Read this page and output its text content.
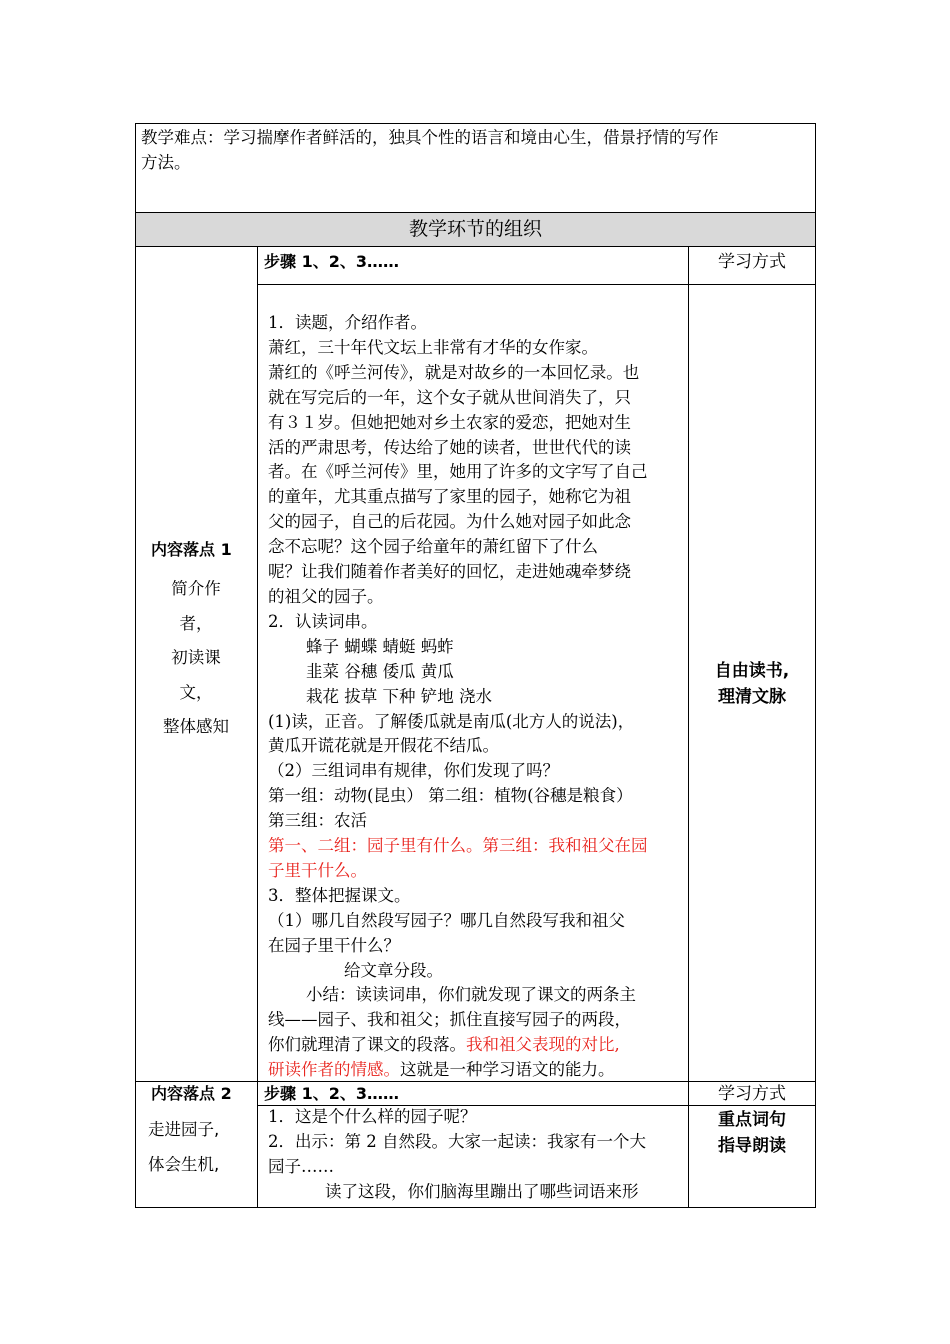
教学难点：学习揣摩作者鲜活的，独具个性的语言和境由心生，借景抒情的写作
方法。
教学环节的组织
步骤 1、2、3……	学习方式
内容落点 1
简介作
者，
初读课
文，
整体感知
自由读书,
理清文脉
1．读题，介绍作者。
萧红，三十年代文坛上非常有才华的女作家。
萧红的《呼兰河传》，就是对故乡的一本回忆录。也
就在写完后的一年，这个女子就从世间消失了，只
有３１岁。但她把她对乡土农家的爱恋，把她对生
活的严肃思考，传达给了她的读者，世世代代的读
者。在《呼兰河传》里，她用了许多的文字写了自己
的童年，尤其重点描写了家里的园子，她称它为祖
父的园子，自己的后花园。为什么她对园子如此念
念不忘呢？这个园子给童年的萧红留下了什么
呢？让我们随着作者美好的回忆，走进她魂牵梦绕
的祖父的园子。
2．认读词串。
蜂子 蝴蝶 蜻蜓 蚂蚱
韭菜 谷穗 倭瓜 黄瓜
栽花 拔草 下种 铲地 浇水
(1)读，正音。了解倭瓜就是南瓜(北方人的说法)，
黄瓜开谎花就是开假花不结瓜。
（2）三组词串有规律，你们发现了吗？
第一组：动物(昆虫） 第二组：植物(谷穗是粮食）
第三组：农活
第一、二组：园子里有什么。第三组：我和祖父在园
子里干什么。
3．整体把握课文。
（1）哪几自然段写园子？哪几自然段写我和祖父
在园子里干什么？
给文章分段。
小结：读读词串，你们就发现了课文的两条主
线——园子、我和祖父；抓住直接写园子的两段，
你们就理清了课文的段落。我和祖父表现的对比,
研读作者的情感。这就是一种学习语文的能力。
内容落点 2 步骤 1、2、3……	学习方式
走进园子,
体会生机,
重点词句
指导朗读
1．这是个什么样的园子呢？
2．出示：第 2 自然段。大家一起读：我家有一个大
园子……
读了这段，你们脑海里蹦出了哪些词语来形
